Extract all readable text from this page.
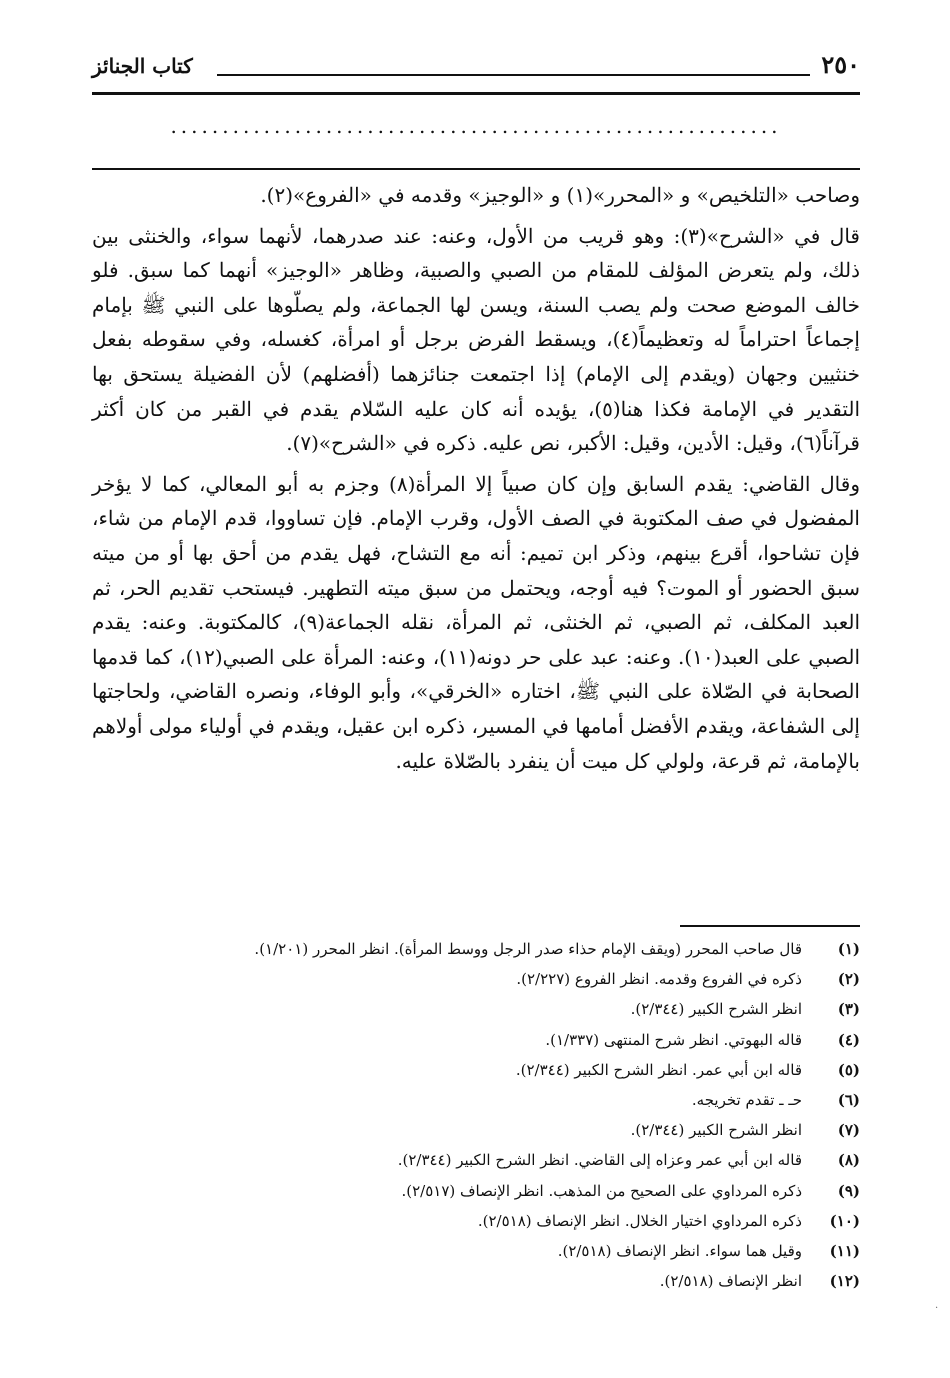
٢٥٠
كتاب الجنائز
...........................................................

وصاحب «التلخيص» و «المحرر»(١) و «الوجيز» وقدمه في «الفروع»(٢).

قال في «الشرح»(٣): وهو قريب من الأول، وعنه: عند صدرهما، لأنهما سواء، والخنثى بين ذلك، ولم يتعرض المؤلف للمقام من الصبي والصبية، وظاهر «الوجيز» أنهما كما سبق. فلو خالف الموضع صحت ولم يصب السنة، ويسن لها الجماعة، ولم يصلّوها على النبي ﷺ بإمام إجماعاً احتراماً له وتعظيماً(٤)، ويسقط الفرض برجل أو امرأة، كغسله، وفي سقوطه بفعل خنثيين وجهان (ويقدم إلى الإمام) إذا اجتمعت جنائزهما (أفضلهم) لأن الفضيلة يستحق بها التقدير في الإمامة فكذا هنا(٥)، يؤيده أنه كان عليه السّلام يقدم في القبر من كان أكثر قرآناً(٦)، وقيل: الأدين، وقيل: الأكبر، نص عليه. ذكره في «الشرح»(٧).

وقال القاضي: يقدم السابق وإن كان صبياً إلا المرأة(٨) وجزم به أبو المعالي، كما لا يؤخر المفضول في صف المكتوبة في الصف الأول، وقرب الإمام. فإن تساووا، قدم الإمام من شاء، فإن تشاحوا، أقرع بينهم، وذكر ابن تميم: أنه مع التشاح، فهل يقدم من أحق بها أو من ميته سبق الحضور أو الموت؟ فيه أوجه، ويحتمل من سبق ميته التطهير. فيستحب تقديم الحر، ثم العبد المكلف، ثم الصبي، ثم الخنثى، ثم المرأة، نقله الجماعة(٩)، كالمكتوبة. وعنه: يقدم الصبي على العبد(١٠). وعنه: عبد على حر دونه(١١)، وعنه: المرأة على الصبي(١٢)، كما قدمها الصحابة في الصّلاة على النبي ﷺ، اختاره «الخرقي»، وأبو الوفاء، ونصره القاضي، ولحاجتها إلى الشفاعة، ويقدم الأفضل أمامها في المسير، ذكره ابن عقيل، ويقدم في أولياء مولى أولاهم بالإمامة، ثم قرعة، ولولي كل ميت أن ينفرد بالصّلاة عليه.

(١)
قال صاحب المحرر (ويقف الإمام حذاء صدر الرجل ووسط المرأة). انظر المحرر (١/٢٠١).
(٢)
ذكره في الفروع وقدمه. انظر الفروع (٢/٢٢٧).
(٣)
انظر الشرح الكبير (٢/٣٤٤).
(٤)
قاله البهوتي. انظر شرح المنتهى (١/٣٣٧).
(٥)
قاله ابن أبي عمر. انظر الشرح الكبير (٢/٣٤٤).
(٦)
حـ ـ تقدم تخريجه.
(٧)
انظر الشرح الكبير (٢/٣٤٤).
(٨)
قاله ابن أبي عمر وعزاه إلى القاضي. انظر الشرح الكبير (٢/٣٤٤).
(٩)
ذكره المرداوي على الصحيح من المذهب. انظر الإنصاف (٢/٥١٧).
(١٠)
ذكره المرداوي اختيار الخلال. انظر الإنصاف (٢/٥١٨).
(١١)
وقيل هما سواء. انظر الإنصاف (٢/٥١٨).
(١٢)
انظر الإنصاف (٢/٥١٨).
.
